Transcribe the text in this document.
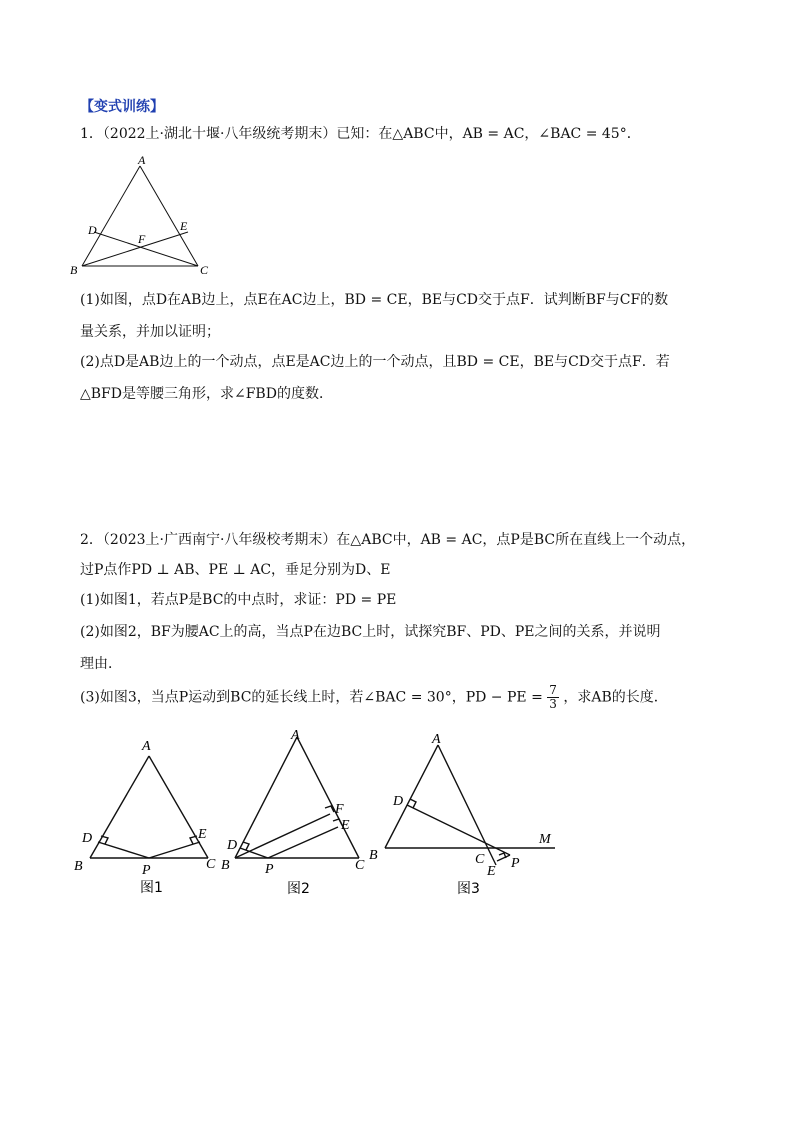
【变式训练】
1．（2022上·湖北十堰·八年级统考期末）已知：在△ABC中，AB = AC，∠BAC = 45°．
A
B	C
D	E
F
(1)如图，点D在AB边上，点E在AC边上，BD = CE，BE与CD交于点F．试判断BF与CF的数
量关系，并加以证明；
(2)点D是AB边上的一个动点，点E是AC边上的一个动点，且BD = CE，BE与CD交于点F．若
△BFD是等腰三角形，求∠FBD的度数．
2．（2023上·广西南宁·八年级校考期末）在△ABC中，AB = AC，点P是BC所在直线上一个动点，
过P点作PD ⊥ AB、PE ⊥ AC，垂足分别为D、E
(1)如图1，若点P是BC的中点时，求证：PD = PE
(2)如图2，BF为腰AC上的高，当点P在边BC上时，试探究BF、PD、PE之间的关系，并说明
理由．
(3)如图3，当点P运动到BC的延长线上时，若∠BAC = 30°，PD − PE = $\frac{7}{3}$ ，求AB的长度．
A
B	C
D	E
P
图1
A
B	C
D
E
F
P
图2
A
B	C
D
E
P
M
图3
